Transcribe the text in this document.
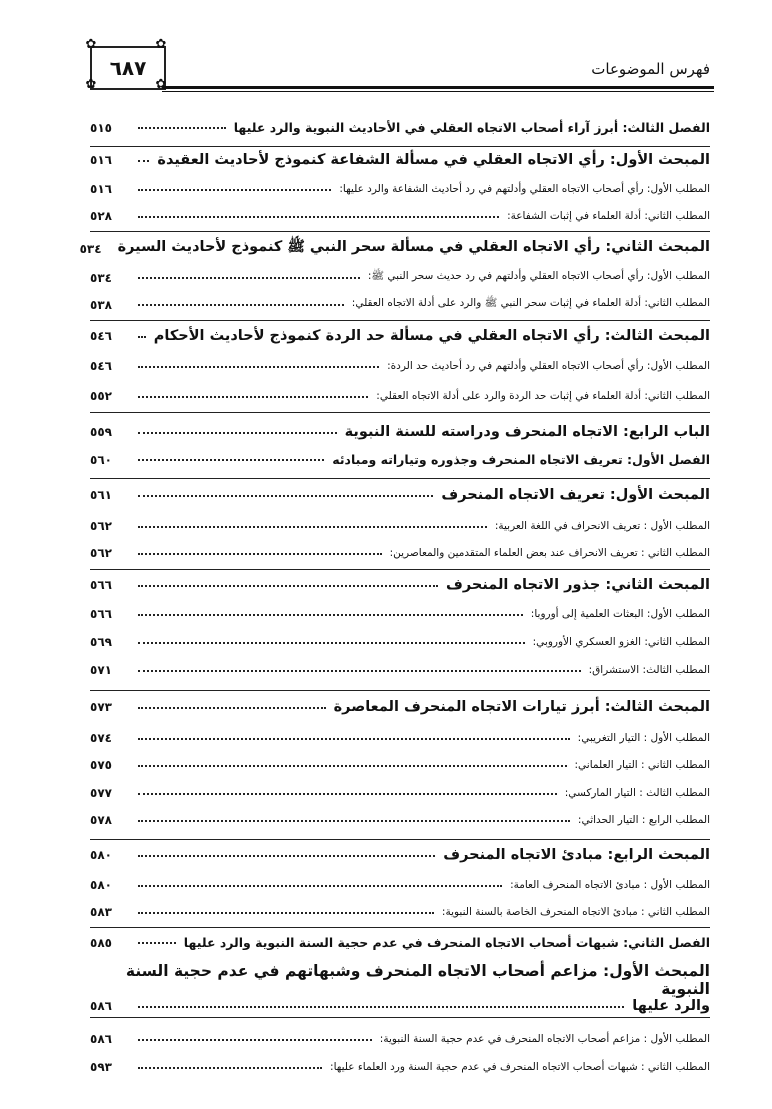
٦٨٧
✿
✿
✿
✿
فهرس الموضوعات
الفصل الثالث: أبرز آراء أصحاب الاتجاه العقلي في الأحاديث النبوية والرد عليها
٥١٥
المبحث الأول: رأي الاتجاه العقلي في مسألة الشفاعة كنموذج لأحاديث العقيدة
٥١٦
المطلب الأول: رأي أصحاب الاتجاه العقلي وأدلتهم في رد أحاديث الشفاعة والرد عليها:
٥١٦
المطلب الثاني: أدلة العلماء في إثبات الشفاعة:
٥٢٨
المبحث الثاني: رأي الاتجاه العقلي في مسألة سحر النبي ﷺ كنموذج لأحاديث السيرة
٥٣٤
المطلب الأول: رأي أصحاب الاتجاه العقلي وأدلتهم في رد حديث سحر النبي ﷺ:
٥٣٤
المطلب الثاني: أدلة العلماء في إثبات سحر النبي ﷺ والرد على أدلة الاتجاه العقلي:
٥٣٨
المبحث الثالث: رأي الاتجاه العقلي في مسألة حد الردة كنموذج لأحاديث الأحكام
٥٤٦
المطلب الأول: رأي أصحاب الاتجاه العقلي وأدلتهم في رد أحاديث حد الردة:
٥٤٦
المطلب الثاني: أدلة العلماء في إثبات حد الردة والرد على أدلة الاتجاه العقلي:
٥٥٢
الباب الرابع: الاتجاه المنحرف ودراسته للسنة النبوية
٥٥٩
الفصل الأول: تعريف الاتجاه المنحرف وجذوره وتياراته ومبادئه
٥٦٠
المبحث الأول: تعريف الاتجاه المنحرف
٥٦١
المطلب الأول : تعريف الانحراف في اللغة العربية:
٥٦٢
المطلب الثاني : تعريف الانحراف عند بعض العلماء المتقدمين والمعاصرين:
٥٦٢
المبحث الثاني: جذور الاتجاه المنحرف
٥٦٦
المطلب الأول: البعثات العلمية إلى أوروبا:
٥٦٦
المطلب الثاني: الغزو العسكري الأوروبي:
٥٦٩
المطلب الثالث: الاستشراق:
٥٧١
المبحث الثالث: أبرز تيارات الاتجاه المنحرف المعاصرة
٥٧٣
المطلب الأول : التيار التغريبي:
٥٧٤
المطلب الثاني : التيار العلماني:
٥٧٥
المطلب الثالث : التيار الماركسي:
٥٧٧
المطلب الرابع : التيار الحداثي:
٥٧٨
المبحث الرابع: مبادئ الاتجاه المنحرف
٥٨٠
المطلب الأول : مبادئ الاتجاه المنحرف العامة:
٥٨٠
المطلب الثاني : مبادئ الاتجاه المنحرف الخاصة بالسنة النبوية:
٥٨٣
الفصل الثاني: شبهات أصحاب الاتجاه المنحرف في عدم حجية السنة النبوية والرد عليها
٥٨٥
المبحث الأول: مزاعم أصحاب الاتجاه المنحرف وشبهاتهم في عدم حجية السنة النبوية
والرد عليها
٥٨٦
المطلب الأول : مزاعم أصحاب الاتجاه المنحرف في عدم حجية السنة النبوية:
٥٨٦
المطلب الثاني : شبهات أصحاب الاتجاه المنحرف في عدم حجية السنة ورد العلماء عليها:
٥٩٣
